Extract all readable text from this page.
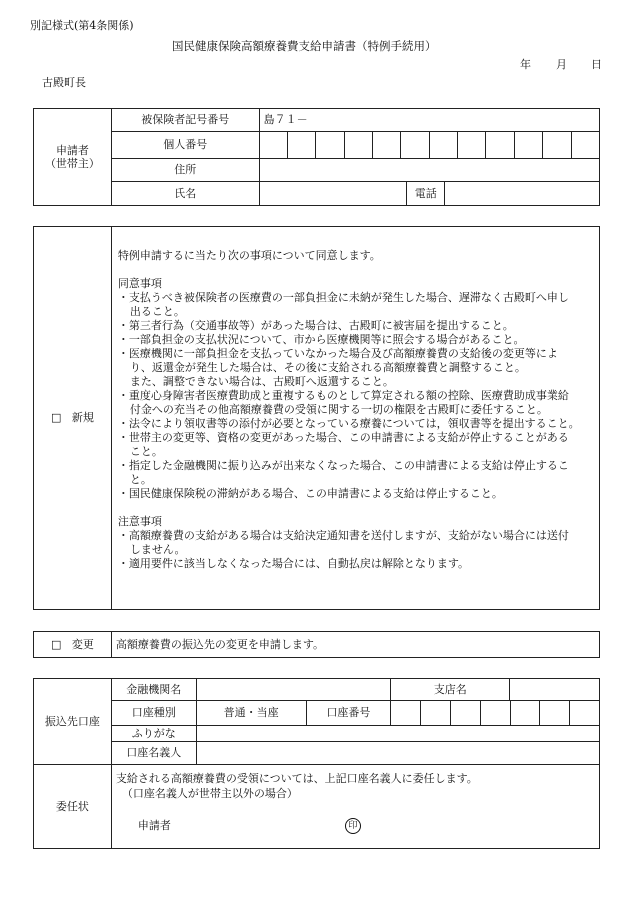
別記様式(第4条関係)
国民健康保険高額療養費支給申請書（特例手続用）
年 月 日
古殿町長
申請者
（世帯主）	被保険者記号番号	島７１－		
	個人番号			

	住所			
	氏名		電話	
□ 新規	

特例申請するに当たり次の事項について同意します。

同意事項

・支払うべき被保険者の医療費の一部負担金に未納が発生した場合、遅滞なく古殿町へ申し

出ること。

・第三者行為（交通事故等）があった場合は、古殿町に被害届を提出すること。

・一部負担金の支払状況について、市から医療機関等に照会する場合があること。

・医療機関に一部負担金を支払っていなかった場合及び高額療養費の支給後の変更等によ

り、返還金が発生した場合は、その後に支給される高額療養費と調整すること。

また、調整できない場合は、古殿町へ返還すること。

・重度心身障害者医療費助成と重複するものとして算定される額の控除、医療費助成事業給

付金への充当その他高額療養費の受領に関する一切の権限を古殿町に委任すること。

・法令により領収書等の添付が必要となっている療養については，領収書等を提出すること。

・世帯主の変更等、資格の変更があった場合、この申請書による支給が停止することがある

こと。

・指定した金融機関に振り込みが出来なくなった場合、この申請書による支給は停止するこ

と。

・国民健康保険税の滞納がある場合、この申請書による支給は停止すること。

注意事項

・高額療養費の支給がある場合は支給決定通知書を送付しますが、支給がない場合には送付

しません。

・適用要件に該当しなくなった場合には、自動払戻は解除となります。

□ 変更	高額療養費の振込先の変更を申請します。
振込先口座	金融機関名			支店名	
	口座種別	普通・当座	口座番号		

	ふりがな				
	口座名義人				
委任状	支給される高額療養費の受領については、上記口座名義人に委任します。
（口座名義人が世帯主以外の場合）
申請者 印				
